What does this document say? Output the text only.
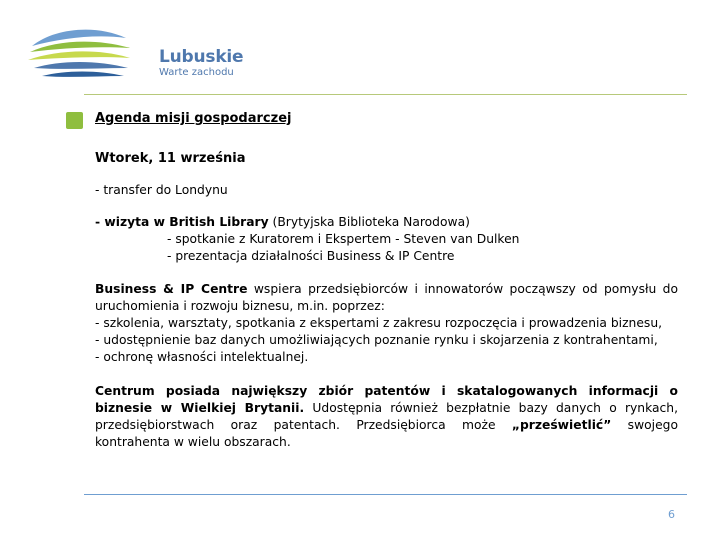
Lubuskie
Warte zachodu
Agenda misji gospodarczej

Wtorek, 11 września

- transfer do Londynu

- wizyta w British Library (Brytyjska Biblioteka Narodowa)

- spotkanie z Kuratorem i Ekspertem - Steven van Dulken

- prezentacja działalności Business & IP Centre

Business & IP Centre wspiera przedsiębiorców i innowatorów począwszy od pomysłu do uruchomienia i rozwoju biznesu, m.in. poprzez:

- szkolenia, warsztaty, spotkania z ekspertami z zakresu rozpoczęcia i prowadzenia biznesu,

- udostępnienie baz danych umożliwiających poznanie rynku i skojarzenia z kontrahentami,

- ochronę własności intelektualnej.

Centrum posiada największy zbiór patentów i skatalogowanych informacji o biznesie w Wielkiej Brytanii. Udostępnia również bezpłatnie bazy danych o rynkach, przedsiębiorstwach oraz patentach. Przedsiębiorca może „prześwietlić” swojego kontrahenta w wielu obszarach.

6
